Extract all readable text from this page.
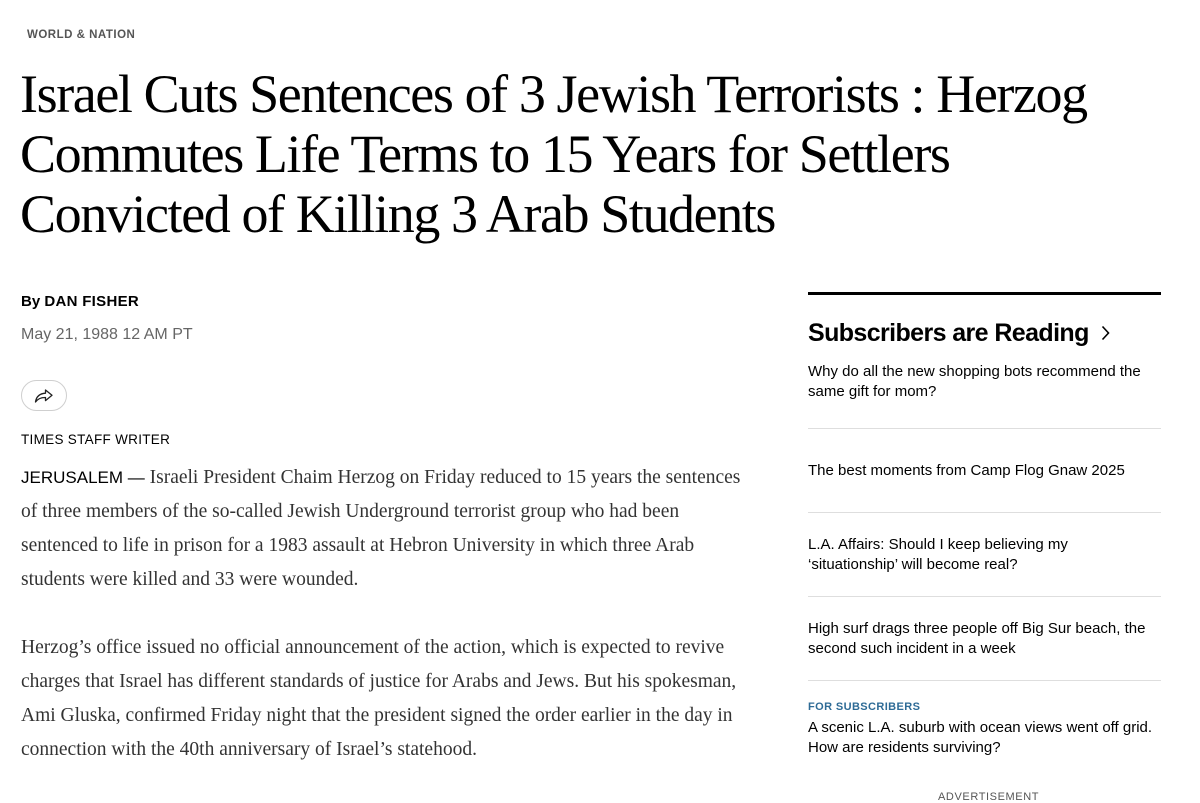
WORLD & NATION
Israel Cuts Sentences of 3 Jewish Terrorists : Herzog Commutes Life Terms to 15 Years for Settlers Convicted of Killing 3 Arab Students
By DAN FISHER
May 21, 1988 12 AM PT
TIMES STAFF WRITER

JERUSALEM — Israeli President Chaim Herzog on Friday reduced to 15 years the sentences of three members of the so-called Jewish Underground terrorist group who had been sentenced to life in prison for a 1983 assault at Hebron University in which three Arab students were killed and 33 were wounded.

Herzog’s office issued no official announcement of the action, which is expected to revive charges that Israel has different standards of justice for Arabs and Jews. But his spokesman, Ami Gluska, confirmed Friday night that the president signed the order earlier in the day in connection with the 40th anniversary of Israel’s statehood.

Subscribers are Reading
Why do all the new shopping bots recommend the same gift for mom?
The best moments from Camp Flog Gnaw 2025
L.A. Affairs: Should I keep believing my ‘situationship’ will become real?
High surf drags three people off Big Sur beach, the second such incident in a week
FOR SUBSCRIBERS
A scenic L.A. suburb with ocean views went off grid. How are residents surviving?
ADVERTISEMENT
